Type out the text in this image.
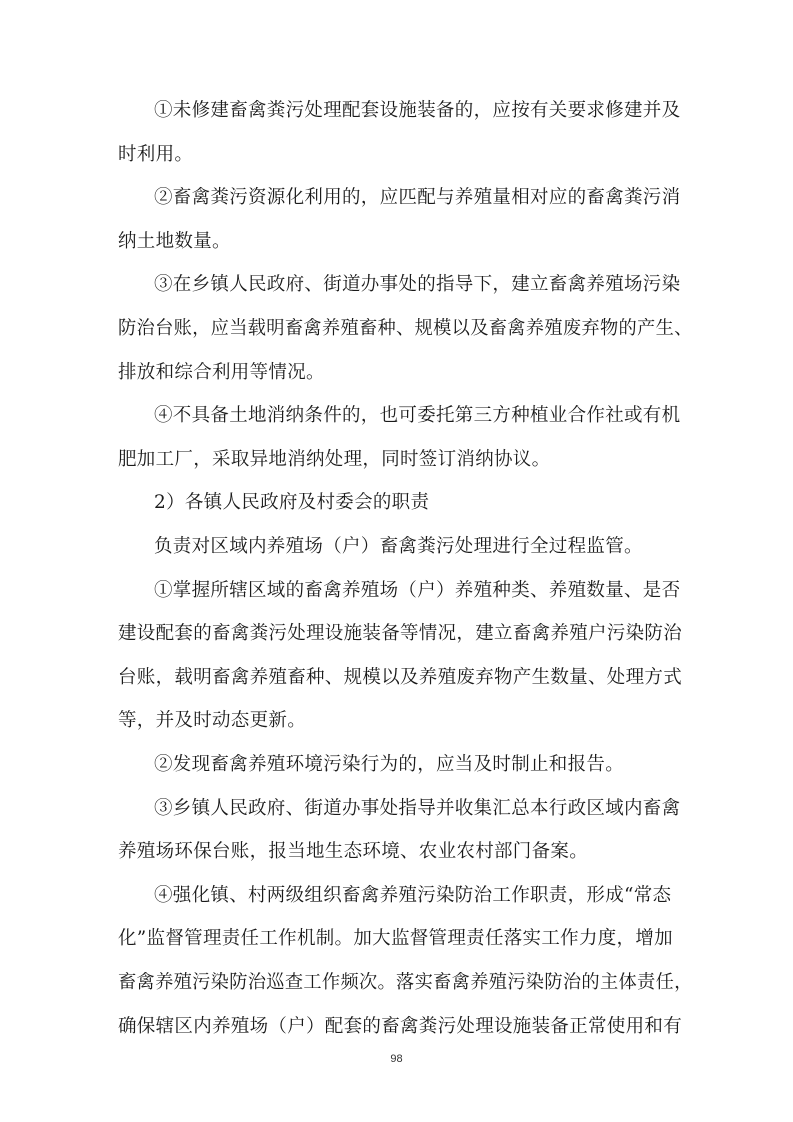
①未修建畜禽粪污处理配套设施装备的，应按有关要求修建并及
时利用。
②畜禽粪污资源化利用的，应匹配与养殖量相对应的畜禽粪污消
纳土地数量。
③在乡镇人民政府、街道办事处的指导下，建立畜禽养殖场污染
防治台账，应当载明畜禽养殖畜种、规模以及畜禽养殖废弃物的产生、
排放和综合利用等情况。
④不具备土地消纳条件的，也可委托第三方种植业合作社或有机
肥加工厂，采取异地消纳处理，同时签订消纳协议。
2）各镇人民政府及村委会的职责
负责对区域内养殖场（户）畜禽粪污处理进行全过程监管。
①掌握所辖区域的畜禽养殖场（户）养殖种类、养殖数量、是否
建设配套的畜禽粪污处理设施装备等情况，建立畜禽养殖户污染防治
台账，载明畜禽养殖畜种、规模以及养殖废弃物产生数量、处理方式
等，并及时动态更新。
②发现畜禽养殖环境污染行为的，应当及时制止和报告。
③乡镇人民政府、街道办事处指导并收集汇总本行政区域内畜禽
养殖场环保台账，报当地生态环境、农业农村部门备案。
④强化镇、村两级组织畜禽养殖污染防治工作职责，形成“常态
化”监督管理责任工作机制。加大监督管理责任落实工作力度，增加
畜禽养殖污染防治巡查工作频次。落实畜禽养殖污染防治的主体责任，
98
确保辖区内养殖场（户）配套的畜禽粪污处理设施装备正常使用和有
